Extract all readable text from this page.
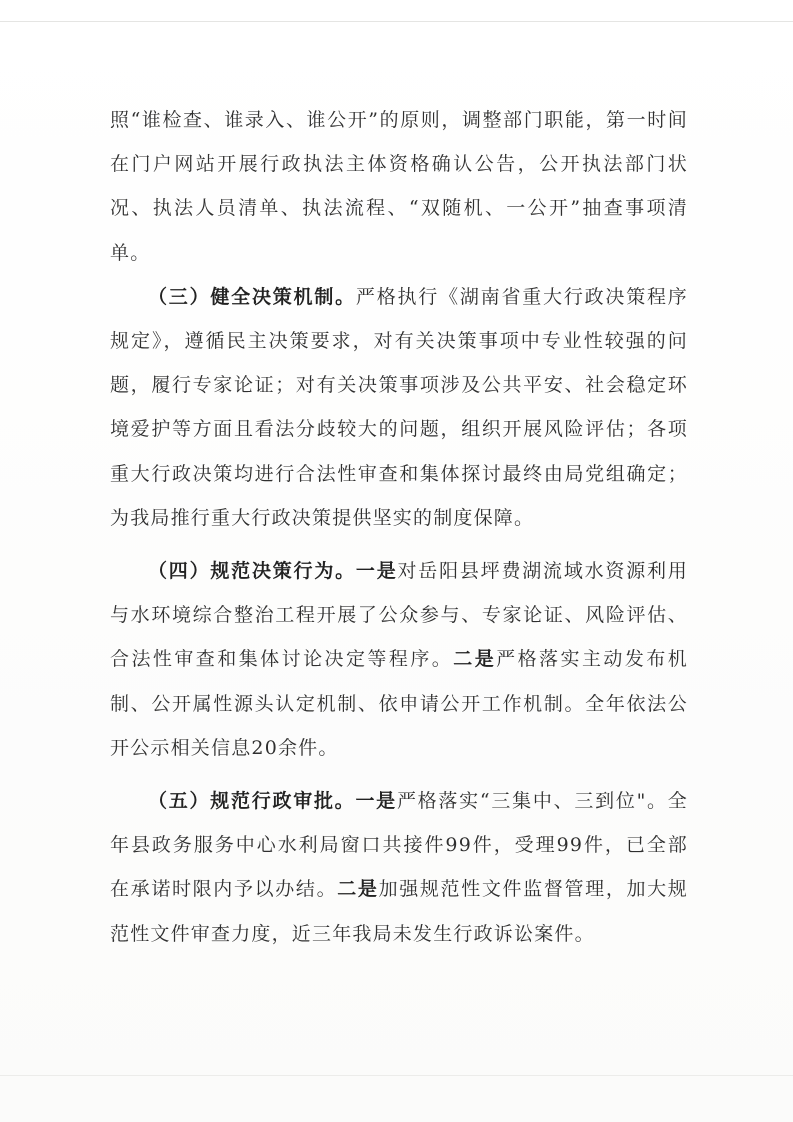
照“谁检查、谁录入、谁公开”的原则，调整部门职能，第一时间在门户网站开展行政执法主体资格确认公告，公开执法部门状况、执法人员清单、执法流程、“双随机、一公开”抽查事项清单。

（三）健全决策机制。严格执行《湖南省重大行政决策程序规定》，遵循民主决策要求，对有关决策事项中专业性较强的问题，履行专家论证；对有关决策事项涉及公共平安、社会稳定环境爱护等方面且看法分歧较大的问题，组织开展风险评估；各项重大行政决策均进行合法性审查和集体探讨最终由局党组确定；为我局推行重大行政决策提供坚实的制度保障。

（四）规范决策行为。一是对岳阳县坪费湖流域水资源利用与水环境综合整治工程开展了公众参与、专家论证、风险评估、合法性审查和集体讨论决定等程序。二是严格落实主动发布机制、公开属性源头认定机制、依申请公开工作机制。全年依法公开公示相关信息20余件。

（五）规范行政审批。一是严格落实“三集中、三到位"。全年县政务服务中心水利局窗口共接件99件，受理99件，已全部在承诺时限内予以办结。二是加强规范性文件监督管理，加大规范性文件审查力度，近三年我局未发生行政诉讼案件。
